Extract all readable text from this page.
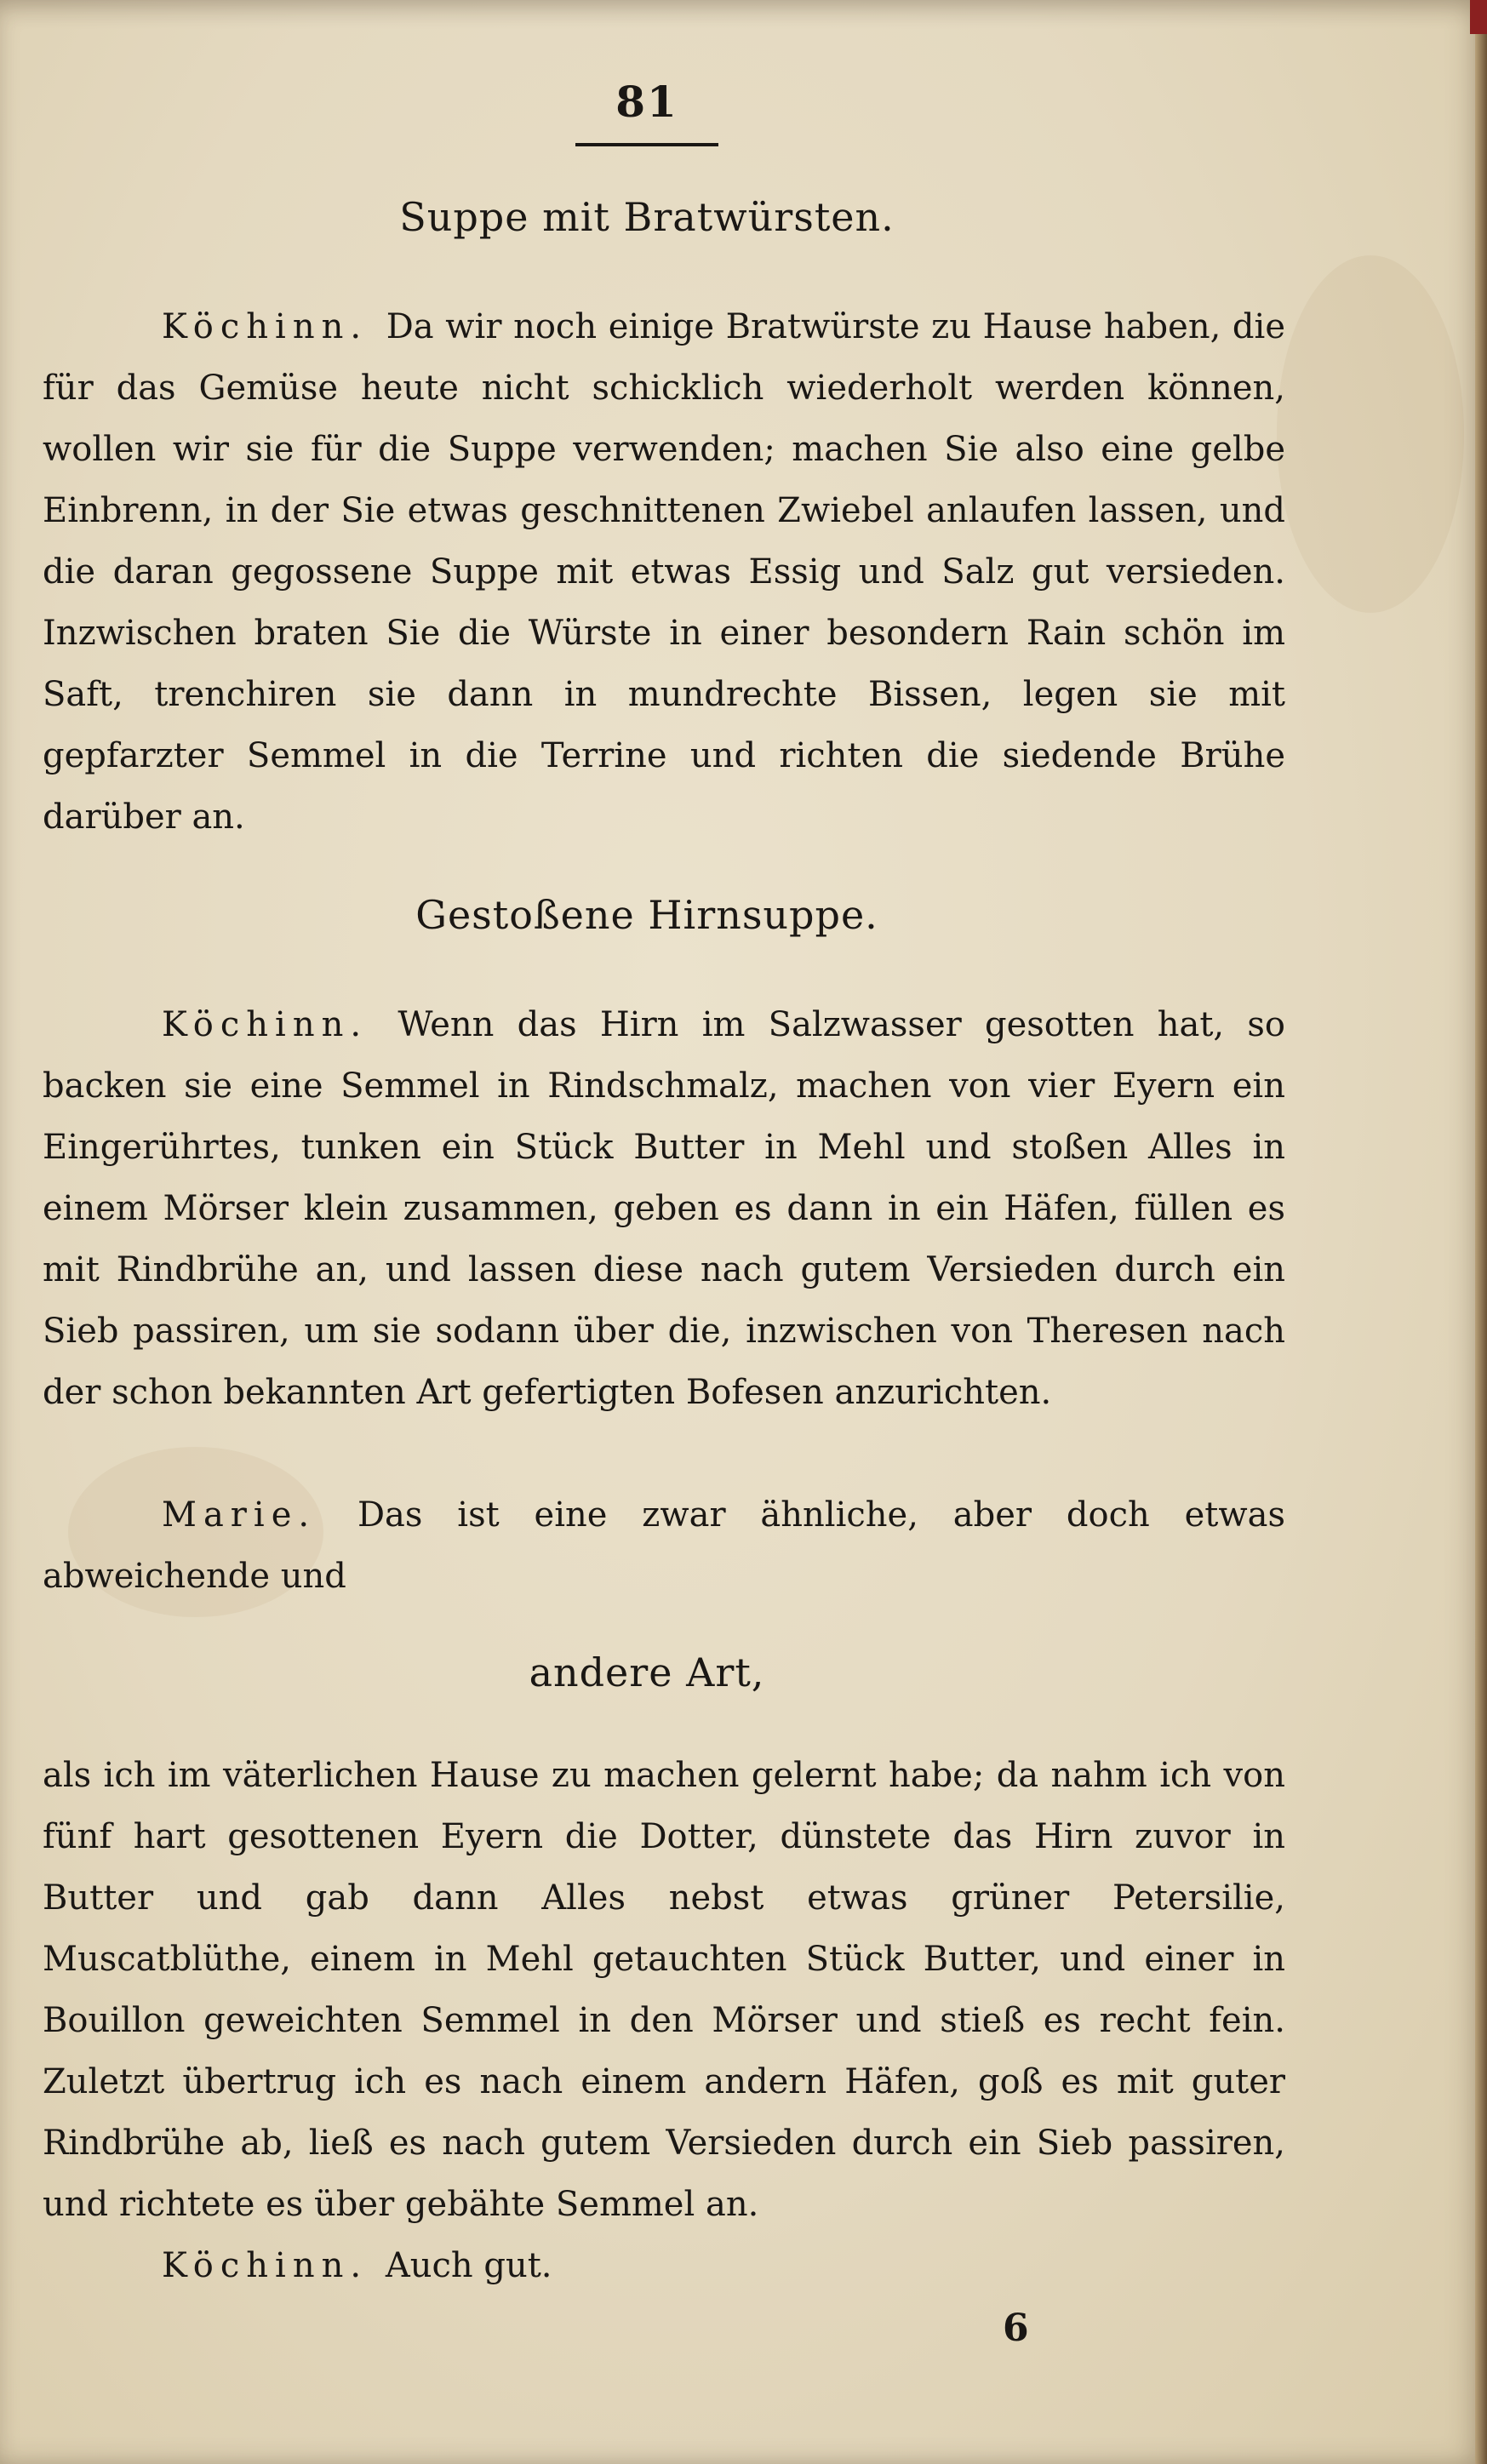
81
Suppe mit Bratwürsten.
Köchinn. Da wir noch einige Bratwürste zu Hause haben, die für das Gemüse heute nicht schicklich wiederholt werden können, wollen wir sie für die Suppe verwenden; machen Sie also eine gelbe Einbrenn, in der Sie etwas geschnittenen Zwiebel anlaufen lassen, und die daran gegossene Suppe mit etwas Essig und Salz gut versieden. Inzwischen braten Sie die Würste in einer besondern Rain schön im Saft, trenchiren sie dann in mundrechte Bissen, legen sie mit gepfarzter Semmel in die Terrine und richten die siedende Brühe darüber an.
Gestoßene Hirnsuppe.
Köchinn. Wenn das Hirn im Salzwasser gesotten hat, so backen sie eine Semmel in Rindschmalz, machen von vier Eyern ein Eingerührtes, tunken ein Stück Butter in Mehl und stoßen Alles in einem Mörser klein zusammen, geben es dann in ein Häfen, füllen es mit Rindbrühe an, und lassen diese nach gutem Versieden durch ein Sieb passiren, um sie sodann über die, inzwischen von Theresen nach der schon bekannten Art gefertigten Bofesen anzurichten.
Marie. Das ist eine zwar ähnliche, aber doch etwas abweichende und
andere Art,
als ich im väterlichen Hause zu machen gelernt habe; da nahm ich von fünf hart gesottenen Eyern die Dotter, dünstete das Hirn zuvor in Butter und gab dann Alles nebst etwas grüner Petersilie, Muscatblüthe, einem in Mehl getauchten Stück Butter, und einer in Bouillon geweichten Semmel in den Mörser und stieß es recht fein. Zuletzt übertrug ich es nach einem andern Häfen, goß es mit guter Rindbrühe ab, ließ es nach gutem Versieden durch ein Sieb passiren, und richtete es über gebähte Semmel an.
Köchinn. Auch gut.
6
